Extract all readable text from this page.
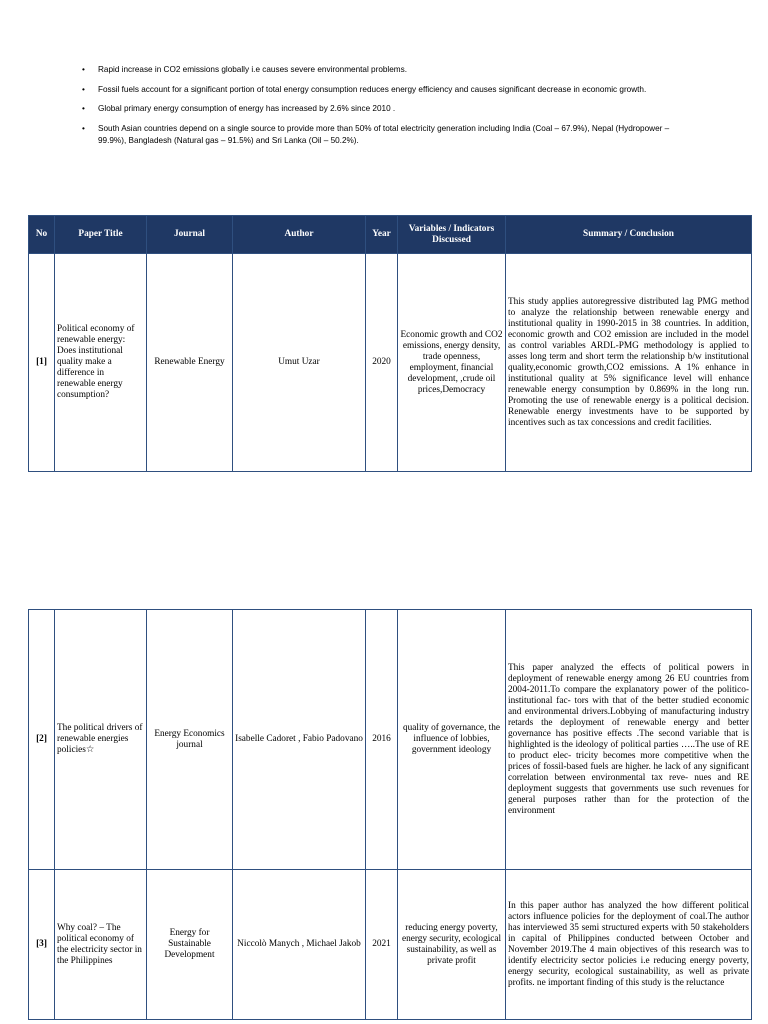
• Rapid increase in CO2 emissions globally i.e causes severe environmental problems.
• Fossil fuels account for a significant portion of total energy consumption reduces energy efficiency and causes significant decrease in economic growth.
• Global primary energy consumption of energy has increased by 2.6% since 2010 .
• South Asian countries depend on a single source to provide more than 50% of total electricity generation including India (Coal – 67.9%), Nepal (Hydropower – 99.9%), Bangladesh (Natural gas – 91.5%) and Sri Lanka (Oil – 50.2%).
No	Paper Title	Journal	Author	Year	Variables / Indicators Discussed	Summary / Conclusion
[1]	Political economy of renewable energy: Does institutional quality make a difference in renewable energy consumption?	Renewable Energy	Umut Uzar	2020	Economic growth and CO2 emissions, energy density, trade openness, employment, financial development, ,crude oil prices,Democracy	This study applies autoregressive distributed lag PMG method to analyze the relationship between renewable energy and institutional quality in 1990-2015 in 38 countries. In addition, economic growth and CO2 emission are included in the model as control variables ARDL-PMG methodology is applied to asses long term and short term the relationship b/w institutional quality,economic growth,CO2 emissions. A 1% enhance in institutional quality at 5% significance level will enhance renewable energy consumption by 0.869% in the long run. Promoting the use of renewable energy is a political decision. Renewable energy investments have to be supported by incentives such as tax concessions and credit facilities.
[2]	The political drivers of renewable energies policies☆	Energy Economics journal	Isabelle Cadoret , Fabio Padovano	2016	quality of governance, the influence of lobbies, government ideology	This paper analyzed the effects of political powers in deployment of renewable energy among 26 EU countries from 2004-2011.To compare the explanatory power of the politico-institutional fac- tors with that of the better studied economic and environmental drivers.Lobbying of manufacturing industry retards the deployment of renewable energy and better governance has positive effects .The second variable that is highlighted is the ideology of political parties …..The use of RE to product elec- tricity becomes more competitive when the prices of fossil-based fuels are higher. he lack of any significant correlation between environmental tax reve- nues and RE deployment suggests that governments use such revenues for general purposes rather than for the protection of the environment
[3]	Why coal? – The political economy of the electricity sector in the Philippines	Energy for Sustainable Development	Niccolò Manych , Michael Jakob	2021	reducing energy poverty, energy security, ecological sustainability, as well as private profit	In this paper author has analyzed the how different political actors influence policies for the deployment of coal.The author has interviewed 35 semi structured experts with 50 stakeholders in capital of Philippines conducted between October and November 2019.The 4 main objectives of this research was to identify electricity sector policies i.e reducing energy poverty, energy security, ecological sustainability, as well as private profits. ne important finding of this study is the reluctance
